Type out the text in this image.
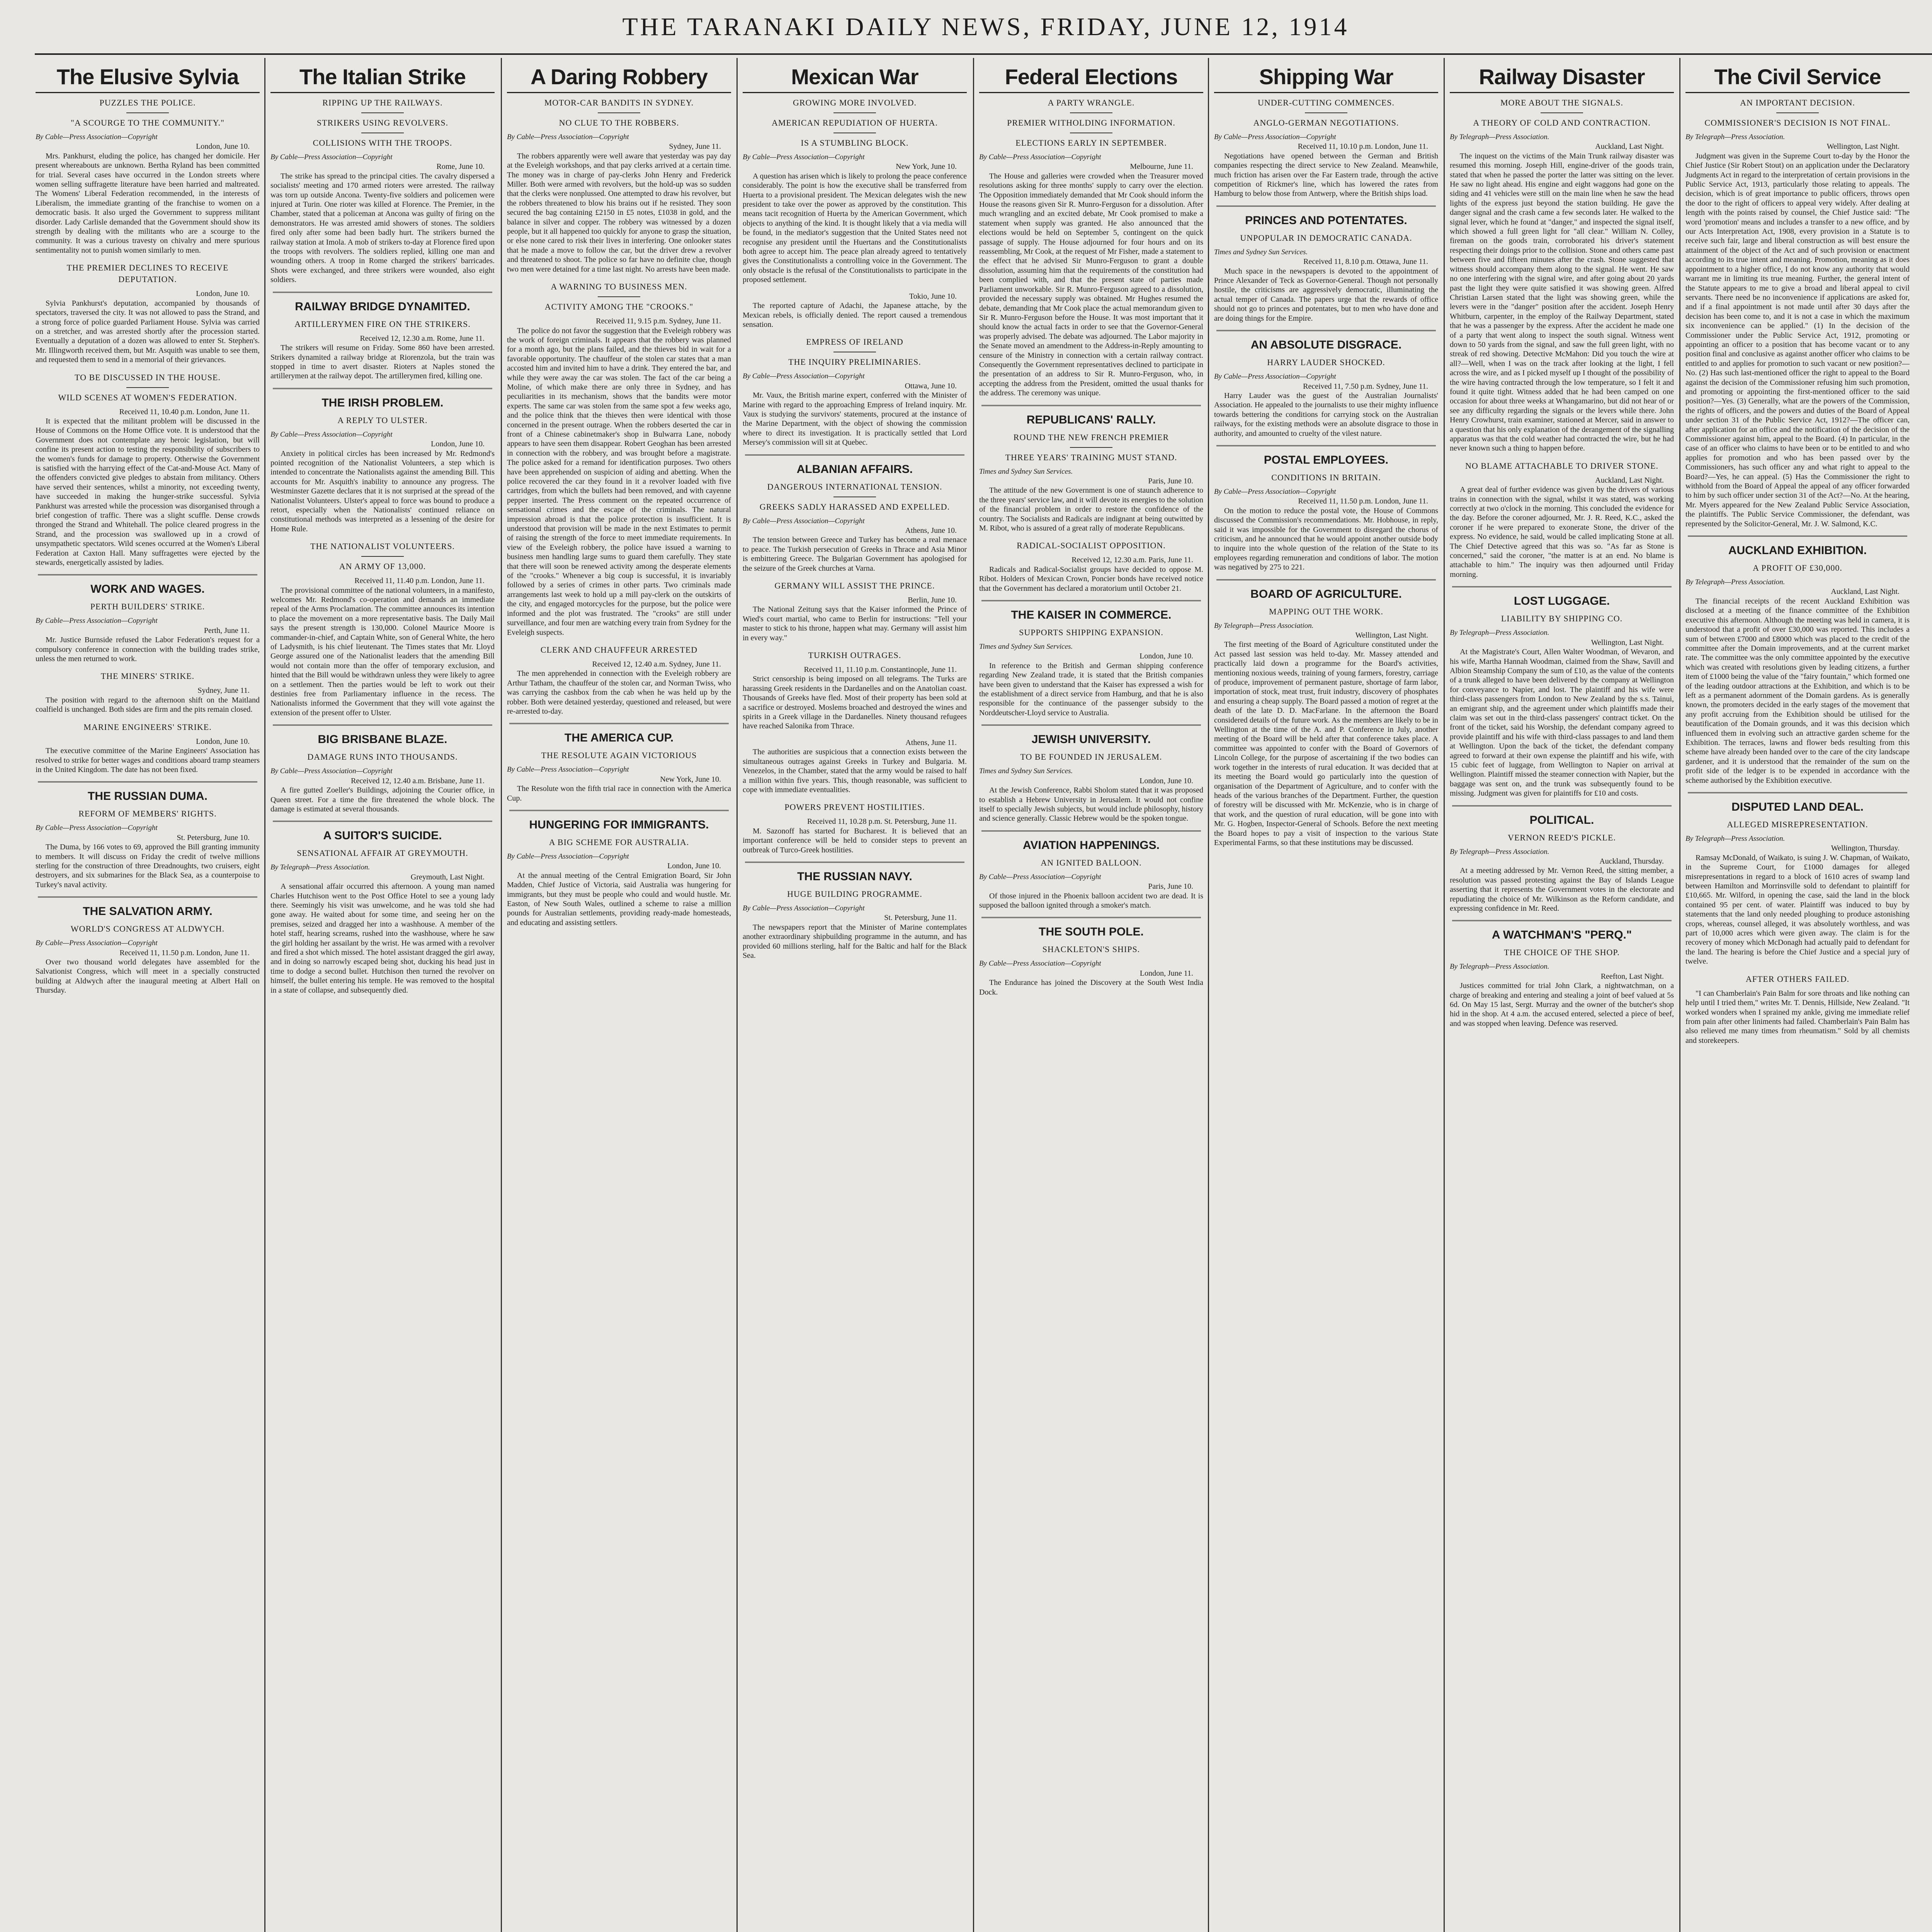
THE TARANAKI DAILY NEWS, FRIDAY, JUNE 12, 1914
The Elusive Sylvia
PUZZLES THE POLICE.
"A SCOURGE TO THE COMMUNITY."
By Cable—Press Association—Copyright
London, June 10.

Mrs. Pankhurst, eluding the police, has changed her domicile. Her present whereabouts are unknown. Bertha Ryland has been committed for trial. Several cases have occurred in the London streets where women selling suffragette literature have been harried and maltreated. The Womens' Liberal Federation recommended, in the interests of Liberalism, the immediate granting of the franchise to women on a democratic basis. It also urged the Government to suppress militant disorder. Lady Carlisle demanded that the Government should show its strength by dealing with the militants who are a scourge to the community. It was a curious travesty on chivalry and mere spurious sentimentality not to punish women similarly to men.

THE PREMIER DECLINES TO RECEIVE DEPUTATION.
London, June 10.

Sylvia Pankhurst's deputation, accompanied by thousands of spectators, traversed the city. It was not allowed to pass the Strand, and a strong force of police guarded Parliament House. Sylvia was carried on a stretcher, and was arrested shortly after the procession started. Eventually a deputation of a dozen was allowed to enter St. Stephen's. Mr. Illingworth received them, but Mr. Asquith was unable to see them, and requested them to send in a memorial of their grievances.

TO BE DISCUSSED IN THE HOUSE.
WILD SCENES AT WOMEN'S FEDERATION.
Received 11, 10.40 p.m. London, June 11.

It is expected that the militant problem will be discussed in the House of Commons on the Home Office vote. It is understood that the Government does not contemplate any heroic legislation, but will confine its present action to testing the responsibility of subscribers to the women's funds for damage to property. Otherwise the Government is satisfied with the harrying effect of the Cat-and-Mouse Act. Many of the offenders convicted give pledges to abstain from militancy. Others have served their sentences, whilst a minority, not exceeding twenty, have succeeded in making the hunger-strike successful. Sylvia Pankhurst was arrested while the procession was disorganised through a brief congestion of traffic. There was a slight scuffle. Dense crowds thronged the Strand and Whitehall. The police cleared progress in the Strand, and the procession was swallowed up in a crowd of unsympathetic spectators. Wild scenes occurred at the Women's Liberal Federation at Caxton Hall. Many suffragettes were ejected by the stewards, energetically assisted by ladies.

WORK AND WAGES.
PERTH BUILDERS' STRIKE.
By Cable—Press Association—Copyright
Perth, June 11.

Mr. Justice Burnside refused the Labor Federation's request for a compulsory conference in connection with the building trades strike, unless the men returned to work.

THE MINERS' STRIKE.
Sydney, June 11.

The position with regard to the afternoon shift on the Maitland coalfield is unchanged. Both sides are firm and the pits remain closed.

MARINE ENGINEERS' STRIKE.
London, June 10.

The executive committee of the Marine Engineers' Association has resolved to strike for better wages and conditions aboard tramp steamers in the United Kingdom. The date has not been fixed.

THE RUSSIAN DUMA.
REFORM OF MEMBERS' RIGHTS.
By Cable—Press Association—Copyright
St. Petersburg, June 10.

The Duma, by 166 votes to 69, approved the Bill granting immunity to members. It will discuss on Friday the credit of twelve millions sterling for the construction of three Dreadnoughts, two cruisers, eight destroyers, and six submarines for the Black Sea, as a counterpoise to Turkey's naval activity.

THE SALVATION ARMY.
WORLD'S CONGRESS AT ALDWYCH.
By Cable—Press Association—Copyright
Received 11, 11.50 p.m. London, June 11.

Over two thousand world delegates have assembled for the Salvationist Congress, which will meet in a specially constructed building at Aldwych after the inaugural meeting at Albert Hall on Thursday.

The Italian Strike
RIPPING UP THE RAILWAYS.
STRIKERS USING REVOLVERS.
COLLISIONS WITH THE TROOPS.
By Cable—Press Association—Copyright
Rome, June 10.

The strike has spread to the principal cities. The cavalry dispersed a socialists' meeting and 170 armed rioters were arrested. The railway was torn up outside Ancona. Twenty-five soldiers and policemen were injured at Turin. One rioter was killed at Florence. The Premier, in the Chamber, stated that a policeman at Ancona was guilty of firing on the demonstrators. He was arrested amid showers of stones. The soldiers fired only after some had been badly hurt. The strikers burned the railway station at Imola. A mob of strikers to-day at Florence fired upon the troops with revolvers. The soldiers replied, killing one man and wounding others. A troop in Rome charged the strikers' barricades. Shots were exchanged, and three strikers were wounded, also eight soldiers.

RAILWAY BRIDGE DYNAMITED.
ARTILLERYMEN FIRE ON THE STRIKERS.
Received 12, 12.30 a.m. Rome, June 11.

The strikers will resume on Friday. Some 860 have been arrested. Strikers dynamited a railway bridge at Riorenzola, but the train was stopped in time to avert disaster. Rioters at Naples stoned the artillerymen at the railway depot. The artillerymen fired, killing one.

THE IRISH PROBLEM.
A REPLY TO ULSTER.
By Cable—Press Association—Copyright
London, June 10.

Anxiety in political circles has been increased by Mr. Redmond's pointed recognition of the Nationalist Volunteers, a step which is intended to concentrate the Nationalists against the amending Bill. This accounts for Mr. Asquith's inability to announce any progress. The Westminster Gazette declares that it is not surprised at the spread of the Nationalist Volunteers. Ulster's appeal to force was bound to produce a retort, especially when the Nationalists' continued reliance on constitutional methods was interpreted as a lessening of the desire for Home Rule.

THE NATIONALIST VOLUNTEERS.
AN ARMY OF 13,000.
Received 11, 11.40 p.m. London, June 11.

The provisional committee of the national volunteers, in a manifesto, welcomes Mr. Redmond's co-operation and demands an immediate repeal of the Arms Proclamation. The committee announces its intention to place the movement on a more representative basis. The Daily Mail says the present strength is 130,000. Colonel Maurice Moore is commander-in-chief, and Captain White, son of General White, the hero of Ladysmith, is his chief lieutenant. The Times states that Mr. Lloyd George assured one of the Nationalist leaders that the amending Bill would not contain more than the offer of temporary exclusion, and hinted that the Bill would be withdrawn unless they were likely to agree on a settlement. Then the parties would be left to work out their destinies free from Parliamentary influence in the recess. The Nationalists informed the Government that they will vote against the extension of the present offer to Ulster.

BIG BRISBANE BLAZE.
DAMAGE RUNS INTO THOUSANDS.
By Cable—Press Association—Copyright
Received 12, 12.40 a.m. Brisbane, June 11.

A fire gutted Zoeller's Buildings, adjoining the Courier office, in Queen street. For a time the fire threatened the whole block. The damage is estimated at several thousands.

A SUITOR'S SUICIDE.
SENSATIONAL AFFAIR AT GREYMOUTH.
By Telegraph—Press Association.
Greymouth, Last Night.

A sensational affair occurred this afternoon. A young man named Charles Hutchison went to the Post Office Hotel to see a young lady there. Seemingly his visit was unwelcome, and he was told she had gone away. He waited about for some time, and seeing her on the premises, seized and dragged her into a washhouse. A member of the hotel staff, hearing screams, rushed into the washhouse, where he saw the girl holding her assailant by the wrist. He was armed with a revolver and fired a shot which missed. The hotel assistant dragged the girl away, and in doing so narrowly escaped being shot, ducking his head just in time to dodge a second bullet. Hutchison then turned the revolver on himself, the bullet entering his temple. He was removed to the hospital in a state of collapse, and subsequently died.

A Daring Robbery
MOTOR-CAR BANDITS IN SYDNEY.
NO CLUE TO THE ROBBERS.
By Cable—Press Association—Copyright
Sydney, June 11.

The robbers apparently were well aware that yesterday was pay day at the Eveleigh workshops, and that pay clerks arrived at a certain time. The money was in charge of pay-clerks John Henry and Frederick Miller. Both were armed with revolvers, but the hold-up was so sudden that the clerks were nonplussed. One attempted to draw his revolver, but the robbers threatened to blow his brains out if he resisted. They soon secured the bag containing £2150 in £5 notes, £1038 in gold, and the balance in silver and copper. The robbery was witnessed by a dozen people, but it all happened too quickly for anyone to grasp the situation, or else none cared to risk their lives in interfering. One onlooker states that he made a move to follow the car, but the driver drew a revolver and threatened to shoot. The police so far have no definite clue, though two men were detained for a time last night. No arrests have been made.

A WARNING TO BUSINESS MEN.
ACTIVITY AMONG THE "CROOKS."
Received 11, 9.15 p.m. Sydney, June 11.

The police do not favor the suggestion that the Eveleigh robbery was the work of foreign criminals. It appears that the robbery was planned for a month ago, but the plans failed, and the thieves bid in wait for a favorable opportunity. The chauffeur of the stolen car states that a man accosted him and invited him to have a drink. They entered the bar, and while they were away the car was stolen. The fact of the car being a Moline, of which make there are only three in Sydney, and has peculiarities in its mechanism, shows that the bandits were motor experts. The same car was stolen from the same spot a few weeks ago, and the police think that the thieves then were identical with those concerned in the present outrage. When the robbers deserted the car in front of a Chinese cabinetmaker's shop in Bulwarra Lane, nobody appears to have seen them disappear. Robert Geoghan has been arrested in connection with the robbery, and was brought before a magistrate. The police asked for a remand for identification purposes. Two others have been apprehended on suspicion of aiding and abetting. When the police recovered the car they found in it a revolver loaded with five cartridges, from which the bullets had been removed, and with cayenne pepper inserted. The Press comment on the repeated occurrence of sensational crimes and the escape of the criminals. The natural impression abroad is that the police protection is insufficient. It is understood that provision will be made in the next Estimates to permit of raising the strength of the force to meet immediate requirements. In view of the Eveleigh robbery, the police have issued a warning to business men handling large sums to guard them carefully. They state that there will soon be renewed activity among the desperate elements of the "crooks." Whenever a big coup is successful, it is invariably followed by a series of crimes in other parts. Two criminals made arrangements last week to hold up a mill pay-clerk on the outskirts of the city, and engaged motorcycles for the purpose, but the police were informed and the plot was frustrated. The "crooks" are still under surveillance, and four men are watching every train from Sydney for the Eveleigh suspects.

CLERK AND CHAUFFEUR ARRESTED
Received 12, 12.40 a.m. Sydney, June 11.

The men apprehended in connection with the Eveleigh robbery are Arthur Tatham, the chauffeur of the stolen car, and Norman Twiss, who was carrying the cashbox from the cab when he was held up by the robber. Both were detained yesterday, questioned and released, but were re-arrested to-day.

THE AMERICA CUP.
THE RESOLUTE AGAIN VICTORIOUS
By Cable—Press Association—Copyright
New York, June 10.

The Resolute won the fifth trial race in connection with the America Cup.

HUNGERING FOR IMMIGRANTS.
A BIG SCHEME FOR AUSTRALIA.
By Cable—Press Association—Copyright
London, June 10.

At the annual meeting of the Central Emigration Board, Sir John Madden, Chief Justice of Victoria, said Australia was hungering for immigrants, but they must be people who could and would hustle. Mr. Easton, of New South Wales, outlined a scheme to raise a million pounds for Australian settlements, providing ready-made homesteads, and educating and assisting settlers.

Mexican War
GROWING MORE INVOLVED.
AMERICAN REPUDIATION OF HUERTA.
IS A STUMBLING BLOCK.
By Cable—Press Association—Copyright
New York, June 10.

A question has arisen which is likely to prolong the peace conference considerably. The point is how the executive shall be transferred from Huerta to a provisional president. The Mexican delegates wish the new president to take over the power as approved by the constitution. This means tacit recognition of Huerta by the American Government, which objects to anything of the kind. It is thought likely that a via media will be found, in the mediator's suggestion that the United States need not recognise any president until the Huertans and the Constitutionalists both agree to accept him. The peace plan already agreed to tentatively gives the Constitutionalists a controlling voice in the Government. The only obstacle is the refusal of the Constitutionalists to participate in the proposed settlement.

Tokio, June 10.

The reported capture of Adachi, the Japanese attache, by the Mexican rebels, is officially denied. The report caused a tremendous sensation.

EMPRESS OF IRELAND
THE INQUIRY PRELIMINARIES.
By Cable—Press Association—Copyright
Ottawa, June 10.

Mr. Vaux, the British marine expert, conferred with the Minister of Marine with regard to the approaching Empress of Ireland inquiry. Mr. Vaux is studying the survivors' statements, procured at the instance of the Marine Department, with the object of showing the commission where to direct its investigation. It is practically settled that Lord Mersey's commission will sit at Quebec.

ALBANIAN AFFAIRS.
DANGEROUS INTERNATIONAL TENSION.
GREEKS SADLY HARASSED AND EXPELLED.
By Cable—Press Association—Copyright
Athens, June 10.

The tension between Greece and Turkey has become a real menace to peace. The Turkish persecution of Greeks in Thrace and Asia Minor is embittering Greece. The Bulgarian Government has apologised for the seizure of the Greek churches at Varna.

GERMANY WILL ASSIST THE PRINCE.
Berlin, June 10.

The National Zeitung says that the Kaiser informed the Prince of Wied's court martial, who came to Berlin for instructions: "Tell your master to stick to his throne, happen what may. Germany will assist him in every way."

TURKISH OUTRAGES.
Received 11, 11.10 p.m. Constantinople, June 11.

Strict censorship is being imposed on all telegrams. The Turks are harassing Greek residents in the Dardanelles and on the Anatolian coast. Thousands of Greeks have fled. Most of their property has been sold at a sacrifice or destroyed. Moslems broached and destroyed the wines and spirits in a Greek village in the Dardanelles. Ninety thousand refugees have reached Salonika from Thrace.

Athens, June 11.

The authorities are suspicious that a connection exists between the simultaneous outrages against Greeks in Turkey and Bulgaria. M. Venezelos, in the Chamber, stated that the army would be raised to half a million within five years. This, though reasonable, was sufficient to cope with immediate eventualities.

POWERS PREVENT HOSTILITIES.
Received 11, 10.28 p.m. St. Petersburg, June 11.

M. Sazonoff has started for Bucharest. It is believed that an important conference will be held to consider steps to prevent an outbreak of Turco-Greek hostilities.

THE RUSSIAN NAVY.
HUGE BUILDING PROGRAMME.
By Cable—Press Association—Copyright
St. Petersburg, June 11.

The newspapers report that the Minister of Marine contemplates another extraordinary shipbuilding programme in the autumn, and has provided 60 millions sterling, half for the Baltic and half for the Black Sea.

Federal Elections
A PARTY WRANGLE.
PREMIER WITHOLDING INFORMATION.
ELECTIONS EARLY IN SEPTEMBER.
By Cable—Press Association—Copyright
Melbourne, June 11.

The House and galleries were crowded when the Treasurer moved resolutions asking for three months' supply to carry over the election. The Opposition immediately demanded that Mr Cook should inform the House the reasons given Sir R. Munro-Ferguson for a dissolution. After much wrangling and an excited debate, Mr Cook promised to make a statement when supply was granted. He also announced that the elections would be held on September 5, contingent on the quick passage of supply. The House adjourned for four hours and on its reassembling, Mr Cook, at the request of Mr Fisher, made a statement to the effect that he advised Sir Munro-Ferguson to grant a double dissolution, assuming him that the requirements of the constitution had been complied with, and that the present state of parties made Parliament unworkable. Sir R. Munro-Ferguson agreed to a dissolution, provided the necessary supply was obtained. Mr Hughes resumed the debate, demanding that Mr Cook place the actual memorandum given to Sir R. Munro-Ferguson before the House. It was most important that it should know the actual facts in order to see that the Governor-General was properly advised. The debate was adjourned. The Labor majority in the Senate moved an amendment to the Address-in-Reply amounting to censure of the Ministry in connection with a certain railway contract. Consequently the Government representatives declined to participate in the presentation of an address to Sir R. Munro-Ferguson, who, in accepting the address from the President, omitted the usual thanks for the address. The ceremony was unique.

REPUBLICANS' RALLY.
ROUND THE NEW FRENCH PREMIER
THREE YEARS' TRAINING MUST STAND.
Times and Sydney Sun Services.
Paris, June 10.

The attitude of the new Government is one of staunch adherence to the three years' service law, and it will devote its energies to the solution of the financial problem in order to restore the confidence of the country. The Socialists and Radicals are indignant at being outwitted by M. Ribot, who is assured of a great rally of moderate Republicans.

RADICAL-SOCIALIST OPPOSITION.
Received 12, 12.30 a.m. Paris, June 11.

Radicals and Radical-Socialist groups have decided to oppose M. Ribot. Holders of Mexican Crown, Poncier bonds have received notice that the Government has declared a moratorium until October 21.

THE KAISER IN COMMERCE.
SUPPORTS SHIPPING EXPANSION.
Times and Sydney Sun Services.
London, June 10.

In reference to the British and German shipping conference regarding New Zealand trade, it is stated that the British companies have been given to understand that the Kaiser has expressed a wish for the establishment of a direct service from Hamburg, and that he is also responsible for the continuance of the passenger subsidy to the Norddeutscher-Lloyd service to Australia.

JEWISH UNIVERSITY.
TO BE FOUNDED IN JERUSALEM.
Times and Sydney Sun Services.
London, June 10.

At the Jewish Conference, Rabbi Sholom stated that it was proposed to establish a Hebrew University in Jerusalem. It would not confine itself to specially Jewish subjects, but would include philosophy, history and science generally. Classic Hebrew would be the spoken tongue.

AVIATION HAPPENINGS.
AN IGNITED BALLOON.
By Cable—Press Association—Copyright
Paris, June 10.

Of those injured in the Phoenix balloon accident two are dead. It is supposed the balloon ignited through a smoker's match.

THE SOUTH POLE.
SHACKLETON'S SHIPS.
By Cable—Press Association—Copyright
London, June 11.

The Endurance has joined the Discovery at the South West India Dock.

Shipping War
UNDER-CUTTING COMMENCES.
ANGLO-GERMAN NEGOTIATIONS.
By Cable—Press Association—Copyright
Received 11, 10.10 p.m. London, June 11.

Negotiations have opened between the German and British companies respecting the direct service to New Zealand. Meanwhile, much friction has arisen over the Far Eastern trade, through the active competition of Rickmer's line, which has lowered the rates from Hamburg to below those from Antwerp, where the British ships load.

PRINCES AND POTENTATES.
UNPOPULAR IN DEMOCRATIC CANADA.
Times and Sydney Sun Services.
Received 11, 8.10 p.m. Ottawa, June 11.

Much space in the newspapers is devoted to the appointment of Prince Alexander of Teck as Governor-General. Though not personally hostile, the criticisms are aggressively democratic, illuminating the actual temper of Canada. The papers urge that the rewards of office should not go to princes and potentates, but to men who have done and are doing things for the Empire.

AN ABSOLUTE DISGRACE.
HARRY LAUDER SHOCKED.
By Cable—Press Association—Copyright
Received 11, 7.50 p.m. Sydney, June 11.

Harry Lauder was the guest of the Australian Journalists' Association. He appealed to the journalists to use their mighty influence towards bettering the conditions for carrying stock on the Australian railways, for the existing methods were an absolute disgrace to those in authority, and amounted to cruelty of the vilest nature.

POSTAL EMPLOYEES.
CONDITIONS IN BRITAIN.
By Cable—Press Association—Copyright
Received 11, 11.50 p.m. London, June 11.

On the motion to reduce the postal vote, the House of Commons discussed the Commission's recommendations. Mr. Hobhouse, in reply, said it was impossible for the Government to disregard the chorus of criticism, and he announced that he would appoint another outside body to inquire into the whole question of the relation of the State to its employees regarding remuneration and conditions of labor. The motion was negatived by 275 to 221.

BOARD OF AGRICULTURE.
MAPPING OUT THE WORK.
By Telegraph—Press Association.
Wellington, Last Night.

The first meeting of the Board of Agriculture constituted under the Act passed last session was held to-day. Mr. Massey attended and practically laid down a programme for the Board's activities, mentioning noxious weeds, training of young farmers, forestry, carriage of produce, improvement of permanent pasture, shortage of farm labor, importation of stock, meat trust, fruit industry, discovery of phosphates and ensuring a cheap supply. The Board passed a motion of regret at the death of the late D. D. MacFarlane. In the afternoon the Board considered details of the future work. As the members are likely to be in Wellington at the time of the A. and P. Conference in July, another meeting of the Board will be held after that conference takes place. A committee was appointed to confer with the Board of Governors of Lincoln College, for the purpose of ascertaining if the two bodies can work together in the interests of rural education. It was decided that at its meeting the Board would go particularly into the question of organisation of the Department of Agriculture, and to confer with the heads of the various branches of the Department. Further, the question of forestry will be discussed with Mr. McKenzie, who is in charge of that work, and the question of rural education, will be gone into with Mr. G. Hogben, Inspector-General of Schools. Before the next meeting the Board hopes to pay a visit of inspection to the various State Experimental Farms, so that these institutions may be discussed.

Railway Disaster
MORE ABOUT THE SIGNALS.
A THEORY OF COLD AND CONTRACTION.
By Telegraph—Press Association.
Auckland, Last Night.

The inquest on the victims of the Main Trunk railway disaster was resumed this morning. Joseph Hill, engine-driver of the goods train, stated that when he passed the porter the latter was sitting on the lever. He saw no light ahead. His engine and eight waggons had gone on the siding and 41 vehicles were still on the main line when he saw the head lights of the express just beyond the station building. He gave the danger signal and the crash came a few seconds later. He walked to the signal lever, which he found at "danger," and inspected the signal itself, which showed a full green light for "all clear." William N. Colley, fireman on the goods train, corroborated his driver's statement respecting their doings prior to the collision. Stone and others came past between five and fifteen minutes after the crash. Stone suggested that witness should accompany them along to the signal. He went. He saw no one interfering with the signal wire, and after going about 20 yards past the light they were quite satisfied it was showing green. Alfred Christian Larsen stated that the light was showing green, while the levers were in the "danger" position after the accident. Joseph Henry Whitburn, carpenter, in the employ of the Railway Department, stated that he was a passenger by the express. After the accident he made one of a party that went along to inspect the south signal. Witness went down to 50 yards from the signal, and saw the full green light, with no streak of red showing. Detective McMahon: Did you touch the wire at all?—Well, when I was on the track after looking at the light, I fell across the wire, and as I picked myself up I thought of the possibility of the wire having contracted through the low temperature, so I felt it and found it quite tight. Witness added that he had been camped on one occasion for about three weeks at Whangamarino, but did not hear of or see any difficulty regarding the signals or the levers while there. John Henry Crowhurst, train examiner, stationed at Mercer, said in answer to a question that his only explanation of the derangement of the signalling apparatus was that the cold weather had contracted the wire, but he had never known such a thing to happen before.

NO BLAME ATTACHABLE TO DRIVER STONE.
Auckland, Last Night.

A great deal of further evidence was given by the drivers of various trains in connection with the signal, whilst it was stated, was working correctly at two o'clock in the morning. This concluded the evidence for the day. Before the coroner adjourned, Mr. J. R. Reed, K.C., asked the coroner if he were prepared to exonerate Stone, the driver of the express. No evidence, he said, would be called implicating Stone at all. The Chief Detective agreed that this was so. "As far as Stone is concerned," said the coroner, "the matter is at an end. No blame is attachable to him." The inquiry was then adjourned until Friday morning.

LOST LUGGAGE.
LIABILITY BY SHIPPING CO.
By Telegraph—Press Association.
Wellington, Last Night.

At the Magistrate's Court, Allen Walter Woodman, of Wevaron, and his wife, Martha Hannah Woodman, claimed from the Shaw, Savill and Albion Steamship Company the sum of £10, as the value of the contents of a trunk alleged to have been delivered by the company at Wellington for conveyance to Napier, and lost. The plaintiff and his wife were third-class passengers from London to New Zealand by the s.s. Tainui, an emigrant ship, and the agreement under which plaintiffs made their claim was set out in the third-class passengers' contract ticket. On the front of the ticket, said his Worship, the defendant company agreed to provide plaintiff and his wife with third-class passages to and land them at Wellington. Upon the back of the ticket, the defendant company agreed to forward at their own expense the plaintiff and his wife, with 15 cubic feet of luggage, from Wellington to Napier on arrival at Wellington. Plaintiff missed the steamer connection with Napier, but the baggage was sent on, and the trunk was subsequently found to be missing. Judgment was given for plaintiffs for £10 and costs.

POLITICAL.
VERNON REED'S PICKLE.
By Telegraph—Press Association.
Auckland, Thursday.

At a meeting addressed by Mr. Vernon Reed, the sitting member, a resolution was passed protesting against the Bay of Islands League asserting that it represents the Government votes in the electorate and repudiating the choice of Mr. Wilkinson as the Reform candidate, and expressing confidence in Mr. Reed.

A WATCHMAN'S "PERQ."
THE CHOICE OF THE SHOP.
By Telegraph—Press Association.
Reefton, Last Night.

Justices committed for trial John Clark, a nightwatchman, on a charge of breaking and entering and stealing a joint of beef valued at 5s 6d. On May 15 last, Sergt. Murray and the owner of the butcher's shop hid in the shop. At 4 a.m. the accused entered, selected a piece of beef, and was stopped when leaving. Defence was reserved.

The Civil Service
AN IMPORTANT DECISION.
COMMISSIONER'S DECISION IS NOT FINAL.
By Telegraph—Press Association.
Wellington, Last Night.

Judgment was given in the Supreme Court to-day by the Honor the Chief Justice (Sir Robert Stout) on an application under the Declaratory Judgments Act in regard to the interpretation of certain provisions in the Public Service Act, 1913, particularly those relating to appeals. The decision, which is of great importance to public officers, throws open the door to the right of officers to appeal very widely. After dealing at length with the points raised by counsel, the Chief Justice said: "The word 'promotion' means and includes a transfer to a new office, and by our Acts Interpretation Act, 1908, every provision in a Statute is to receive such fair, large and liberal construction as will best ensure the attainment of the object of the Act and of such provision or enactment according to its true intent and meaning. Promotion, meaning as it does appointment to a higher office, I do not know any authority that would warrant me in limiting its true meaning. Further, the general intent of the Statute appears to me to give a broad and liberal appeal to civil servants. There need be no inconvenience if applications are asked for, and if a final appointment is not made until after 30 days after the decision has been come to, and it is not a case in which the maximum six inconvenience can be applied." (1) In the decision of the Commissioner under the Public Service Act, 1912, promoting or appointing an officer to a position that has become vacant or to any position final and conclusive as against another officer who claims to be entitled to and applies for promotion to such vacant or new position?—No. (2) Has such last-mentioned officer the right to appeal to the Board against the decision of the Commissioner refusing him such promotion, and promoting or appointing the first-mentioned officer to the said position?—Yes. (3) Generally, what are the powers of the Commission, the rights of officers, and the powers and duties of the Board of Appeal under section 31 of the Public Service Act, 1912?—The officer can, after application for an office and the notification of the decision of the Commissioner against him, appeal to the Board. (4) In particular, in the case of an officer who claims to have been or to be entitled to and who applies for promotion and who has been passed over by the Commissioners, has such officer any and what right to appeal to the Board?—Yes, he can appeal. (5) Has the Commissioner the right to withhold from the Board of Appeal the appeal of any officer forwarded to him by such officer under section 31 of the Act?—No. At the hearing, Mr. Myers appeared for the New Zealand Public Service Association, the plaintiffs. The Public Service Commissioner, the defendant, was represented by the Solicitor-General, Mr. J. W. Salmond, K.C.

AUCKLAND EXHIBITION.
A PROFIT OF £30,000.
By Telegraph—Press Association.
Auckland, Last Night.

The financial receipts of the recent Auckland Exhibition was disclosed at a meeting of the finance committee of the Exhibition executive this afternoon. Although the meeting was held in camera, it is understood that a profit of over £30,000 was reported. This includes a sum of between £7000 and £8000 which was placed to the credit of the committee after the Domain improvements, and at the current market rate. The committee was the only committee appointed by the executive which was created with resolutions given by leading citizens, a further item of £1000 being the value of the "fairy fountain," which formed one of the leading outdoor attractions at the Exhibition, and which is to be left as a permanent adornment of the Domain gardens. As is generally known, the promoters decided in the early stages of the movement that any profit accruing from the Exhibition should be utilised for the beautification of the Domain grounds, and it was this decision which influenced them in evolving such an attractive garden scheme for the Exhibition. The terraces, lawns and flower beds resulting from this scheme have already been handed over to the care of the city landscape gardener, and it is understood that the remainder of the sum on the profit side of the ledger is to be expended in accordance with the scheme authorised by the Exhibition executive.

DISPUTED LAND DEAL.
ALLEGED MISREPRESENTATION.
By Telegraph—Press Association.
Wellington, Thursday.

Ramsay McDonald, of Waikato, is suing J. W. Chapman, of Waikato, in the Supreme Court, for £1000 damages for alleged misrepresentations in regard to a block of 1610 acres of swamp land between Hamilton and Morrinsville sold to defendant to plaintiff for £10,665. Mr. Wilford, in opening the case, said the land in the block contained 95 per cent. of water. Plaintiff was induced to buy by statements that the land only needed ploughing to produce astonishing crops, whereas, counsel alleged, it was absolutely worthless, and was part of 10,000 acres which were given away. The claim is for the recovery of money which McDonagh had actually paid to defendant for the land. The hearing is before the Chief Justice and a special jury of twelve.

AFTER OTHERS FAILED.

"I can Chamberlain's Pain Balm for sore throats and like nothing can help until I tried them," writes Mr. T. Dennis, Hillside, New Zealand. "It worked wonders when I sprained my ankle, giving me immediate relief from pain after other liniments had failed. Chamberlain's Pain Balm has also relieved me many times from rheumatism." Sold by all chemists and storekeepers.
